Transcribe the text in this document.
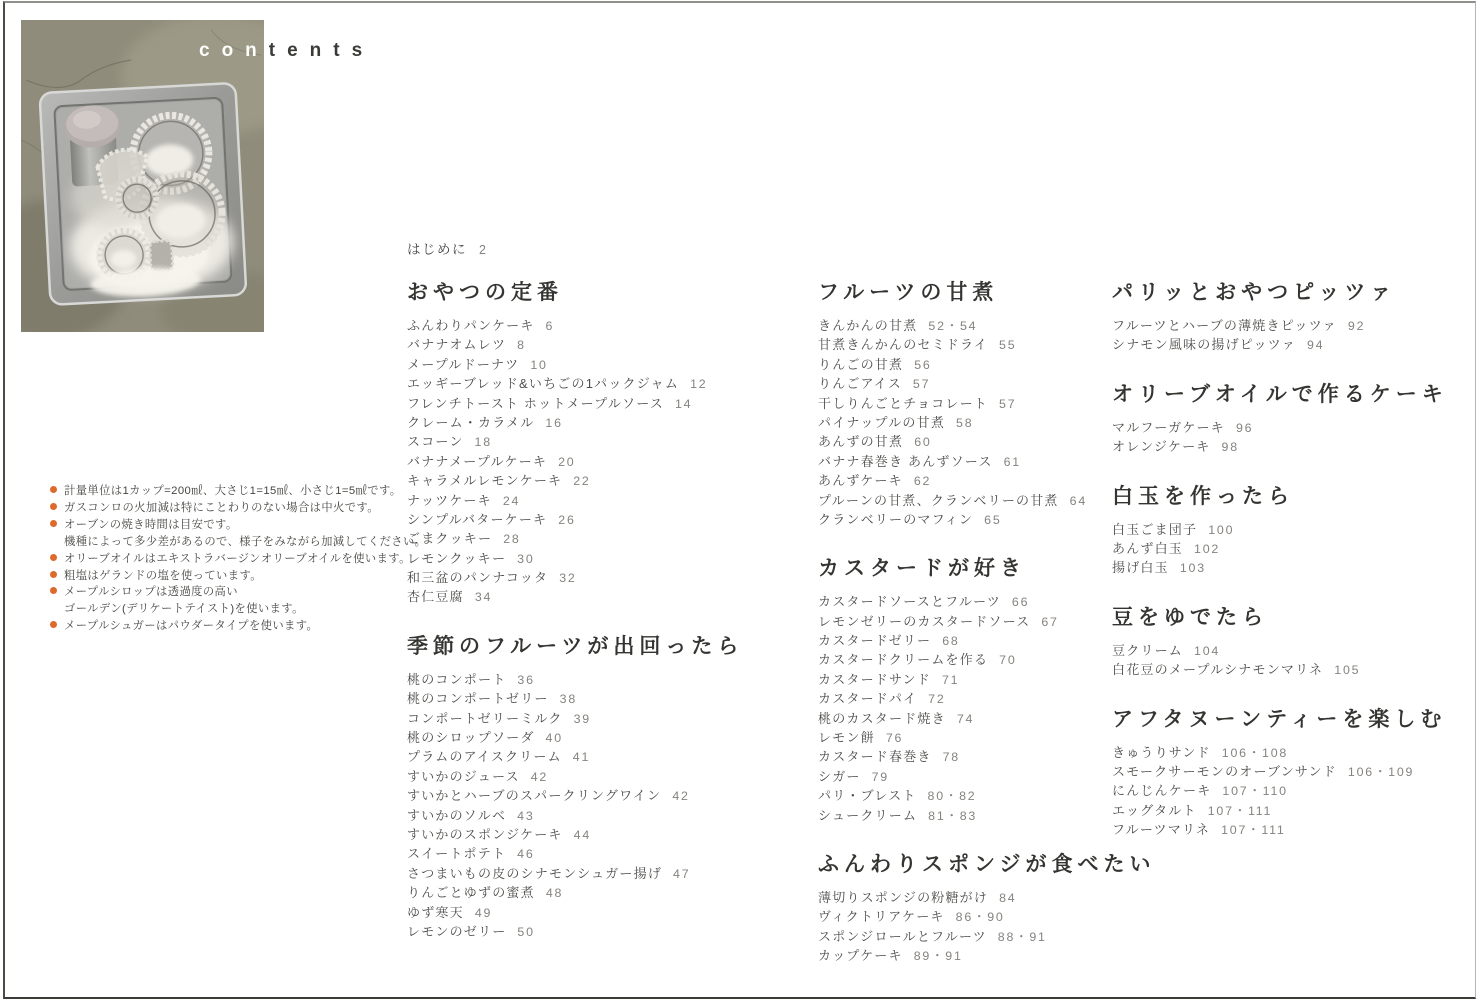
contents
はじめに 2
計量単位は1カップ=200㎖、大さじ1=15㎖、小さじ1=5㎖です。
ガスコンロの火加減は特にことわりのない場合は中火です。
オーブンの焼き時間は目安です。
機種によって多少差があるので、様子をみながら加減してください。
オリーブオイルはエキストラバージンオリーブオイルを使います。
粗塩はゲランドの塩を使っています。
メープルシロップは透過度の高い
ゴールデン(デリケートテイスト)を使います。
メープルシュガーはパウダータイプを使います。
おやつの定番
ふんわりパンケーキ 6
バナナオムレツ 8
メープルドーナツ 10
エッギーブレッド&いちごの1パックジャム 12
フレンチトースト ホットメープルソース 14
クレーム・カラメル 16
スコーン 18
バナナメープルケーキ 20
キャラメルレモンケーキ 22
ナッツケーキ 24
シンプルバターケーキ 26
ごまクッキー 28
レモンクッキー 30
和三盆のパンナコッタ 32
杏仁豆腐 34
季節のフルーツが出回ったら
桃のコンポート 36
桃のコンポートゼリー 38
コンポートゼリーミルク 39
桃のシロップソーダ 40
プラムのアイスクリーム 41
すいかのジュース 42
すいかとハーブのスパークリングワイン 42
すいかのソルベ 43
すいかのスポンジケーキ 44
スイートポテト 46
さつまいもの皮のシナモンシュガー揚げ 47
りんごとゆずの蜜煮 48
ゆず寒天 49
レモンのゼリー 50
フルーツの甘煮
きんかんの甘煮 52・54
甘煮きんかんのセミドライ 55
りんごの甘煮 56
りんごアイス 57
干しりんごとチョコレート 57
パイナップルの甘煮 58
あんずの甘煮 60
バナナ春巻き あんずソース 61
あんずケーキ 62
プルーンの甘煮、クランベリーの甘煮 64
クランベリーのマフィン 65
カスタードが好き
カスタードソースとフルーツ 66
レモンゼリーのカスタードソース 67
カスタードゼリー 68
カスタードクリームを作る 70
カスタードサンド 71
カスタードパイ 72
桃のカスタード焼き 74
レモン餅 76
カスタード春巻き 78
シガー 79
パリ・ブレスト 80・82
シュークリーム 81・83
ふんわりスポンジが食べたい
薄切りスポンジの粉糖がけ 84
ヴィクトリアケーキ 86・90
スポンジロールとフルーツ 88・91
カップケーキ 89・91
パリッとおやつピッツァ
フルーツとハーブの薄焼きピッツァ 92
シナモン風味の揚げピッツァ 94
オリーブオイルで作るケーキ
マルフーガケーキ 96
オレンジケーキ 98
白玉を作ったら
白玉ごま団子 100
あんず白玉 102
揚げ白玉 103
豆をゆでたら
豆クリーム 104
白花豆のメープルシナモンマリネ 105
アフタヌーンティーを楽しむ
きゅうりサンド 106・108
スモークサーモンのオーブンサンド 106・109
にんじんケーキ 107・110
エッグタルト 107・111
フルーツマリネ 107・111
